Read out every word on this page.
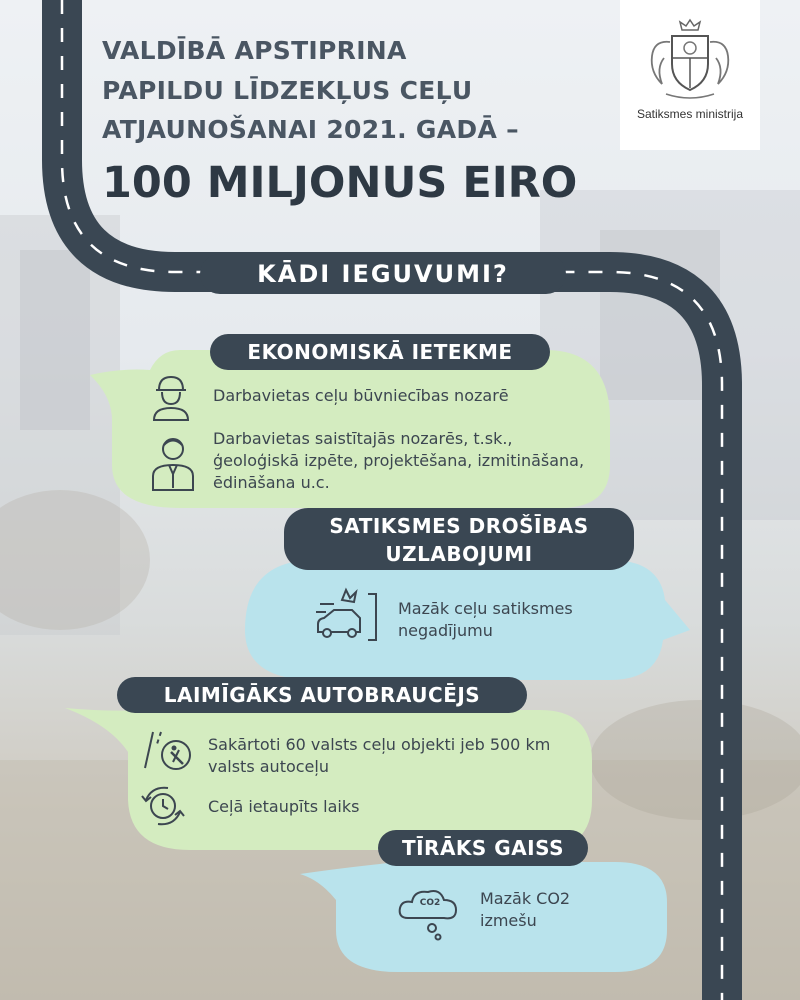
VALDĪBĀ APSTIPRINA
PAPILDU LĪDZEKĻUS CEĻU
ATJAUNOŠANAI 2021. GADĀ –
100 MILJONUS EIRO
Satiksmes ministrija
KĀDI IEGUVUMI?
EKONOMISKĀ IETEKME
Darbavietas ceļu būvniecības nozarē
Darbavietas saistītajās nozarēs, t.sk., ģeoloģiskā izpēte, projektēšana, izmitināšana, ēdināšana u.c.
SATIKSMES DROŠĪBAS
UZLABOJUMI
Mazāk ceļu satiksmes negadījumu
LAIMĪGĀKS AUTOBRAUCĒJS
Sakārtoti 60 valsts ceļu objekti jeb 500 km valsts autoceļu
Ceļā ietaupīts laiks
TĪRĀKS GAISS
CO2	Mazāk CO2 izmešu
